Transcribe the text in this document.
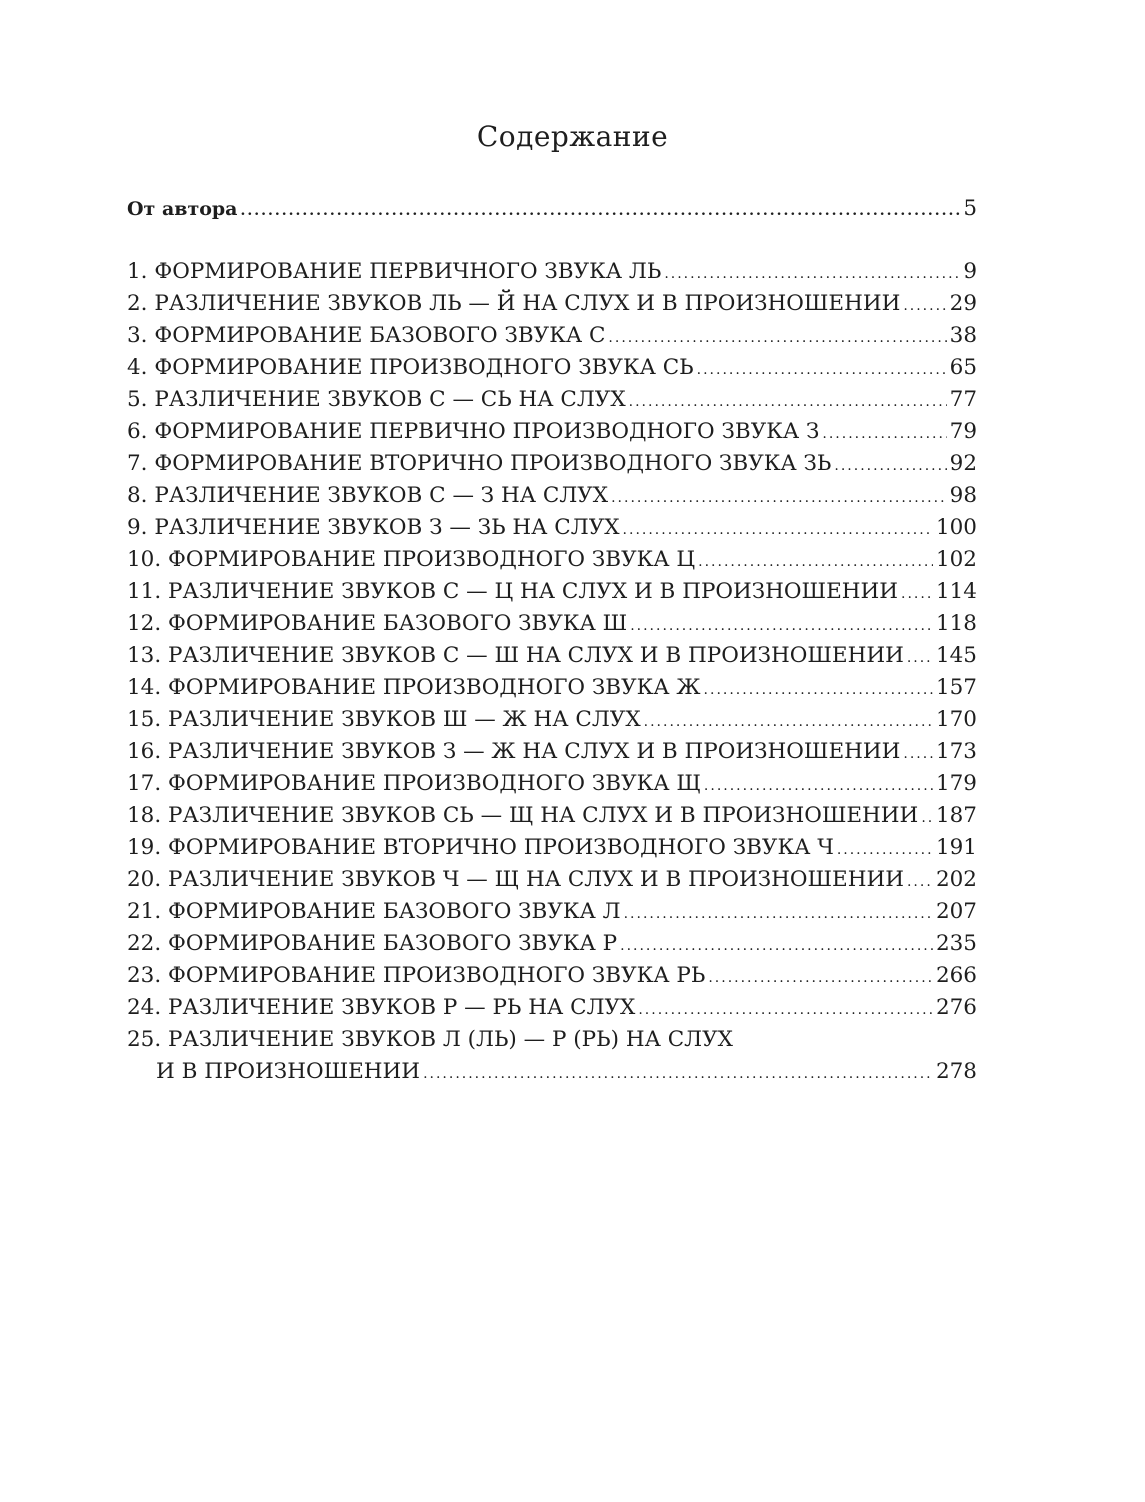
Содержание
От автора .....	5
1. ФОРМИРОВАНИЕ ПЕРВИЧНОГО ЗВУКА ЛЬ .....	9
2. РАЗЛИЧЕНИЕ ЗВУКОВ ЛЬ — Й НА СЛУХ И В ПРОИЗНОШЕНИИ ..... 29
3. ФОРМИРОВАНИЕ БАЗОВОГО ЗВУКА С .....	38
4. ФОРМИРОВАНИЕ ПРОИЗВОДНОГО ЗВУКА СЬ .....	65
5. РАЗЛИЧЕНИЕ ЗВУКОВ С — СЬ НА СЛУХ .....	77
6. ФОРМИРОВАНИЕ ПЕРВИЧНО ПРОИЗВОДНОГО ЗВУКА З .....	79
7. ФОРМИРОВАНИЕ ВТОРИЧНО ПРОИЗВОДНОГО ЗВУКА ЗЬ .....	92
8. РАЗЛИЧЕНИЕ ЗВУКОВ С — З НА СЛУХ .....	98
9. РАЗЛИЧЕНИЕ ЗВУКОВ З — ЗЬ НА СЛУХ .....	100
10. ФОРМИРОВАНИЕ ПРОИЗВОДНОГО ЗВУКА Ц .....	102
11. РАЗЛИЧЕНИЕ ЗВУКОВ С — Ц НА СЛУХ И В ПРОИЗНОШЕНИИ ..... 114
12. ФОРМИРОВАНИЕ БАЗОВОГО ЗВУКА Ш .....	118
13. РАЗЛИЧЕНИЕ ЗВУКОВ С — Ш НА СЛУХ И В ПРОИЗНОШЕНИИ ..... 145
14. ФОРМИРОВАНИЕ ПРОИЗВОДНОГО ЗВУКА Ж .....	157
15. РАЗЛИЧЕНИЕ ЗВУКОВ Ш — Ж НА СЛУХ .....	170
16. РАЗЛИЧЕНИЕ ЗВУКОВ З — Ж НА СЛУХ И В ПРОИЗНОШЕНИИ ..... 173
17. ФОРМИРОВАНИЕ ПРОИЗВОДНОГО ЗВУКА Щ .....	179
18. РАЗЛИЧЕНИЕ ЗВУКОВ СЬ — Щ НА СЛУХ И В ПРОИЗНОШЕНИИ ..... 187
19. ФОРМИРОВАНИЕ ВТОРИЧНО ПРОИЗВОДНОГО ЗВУКА Ч .....	191
20. РАЗЛИЧЕНИЕ ЗВУКОВ Ч — Щ НА СЛУХ И В ПРОИЗНОШЕНИИ ..... 202
21. ФОРМИРОВАНИЕ БАЗОВОГО ЗВУКА Л .....	207
22. ФОРМИРОВАНИЕ БАЗОВОГО ЗВУКА Р .....	235
23. ФОРМИРОВАНИЕ ПРОИЗВОДНОГО ЗВУКА РЬ .....	266
24. РАЗЛИЧЕНИЕ ЗВУКОВ Р — РЬ НА СЛУХ .....	276
25. РАЗЛИЧЕНИЕ ЗВУКОВ Л (ЛЬ) — Р (РЬ) НА СЛУХ
И В ПРОИЗНОШЕНИИ .....	278
